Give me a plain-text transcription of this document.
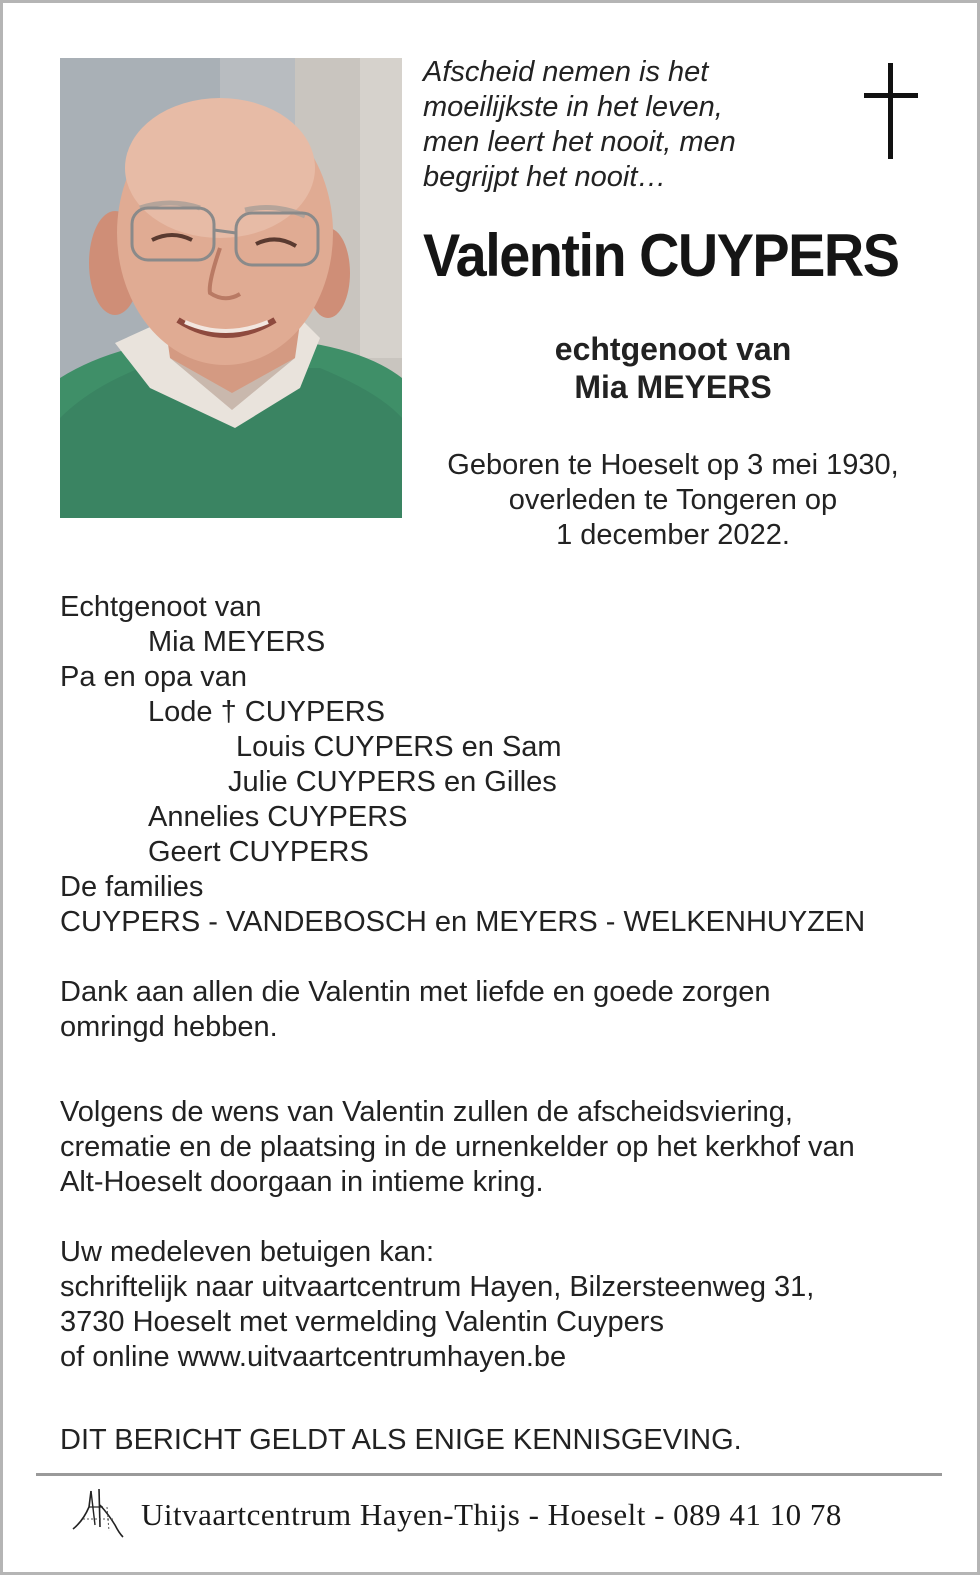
Afscheid nemen is het
moeilijkste in het leven,
men leert het nooit, men
begrijpt het nooit…
Valentin CUYPERS
echtgenoot van
Mia MEYERS
Geboren te Hoeselt op 3 mei 1930,
overleden te Tongeren op
1 december 2022.
Echtgenoot van
Mia MEYERS
Pa en opa van
Lode † CUYPERS
Louis CUYPERS en Sam
Julie CUYPERS en Gilles
Annelies CUYPERS
Geert CUYPERS
De families
CUYPERS - VANDEBOSCH en MEYERS - WELKENHUYZEN
Dank aan allen die Valentin met liefde en goede zorgen
omringd hebben.
Volgens de wens van Valentin zullen de afscheidsviering,
crematie en de plaatsing in de urnenkelder op het kerkhof van
Alt-Hoeselt doorgaan in intieme kring.
Uw medeleven betuigen kan:
schriftelijk naar uitvaartcentrum Hayen, Bilzersteenweg 31,
3730 Hoeselt met vermelding Valentin Cuypers
of online www.uitvaartcentrumhayen.be
DIT BERICHT GELDT ALS ENIGE KENNISGEVING.
Uitvaartcentrum Hayen-Thijs - Hoeselt - 089 41 10 78
